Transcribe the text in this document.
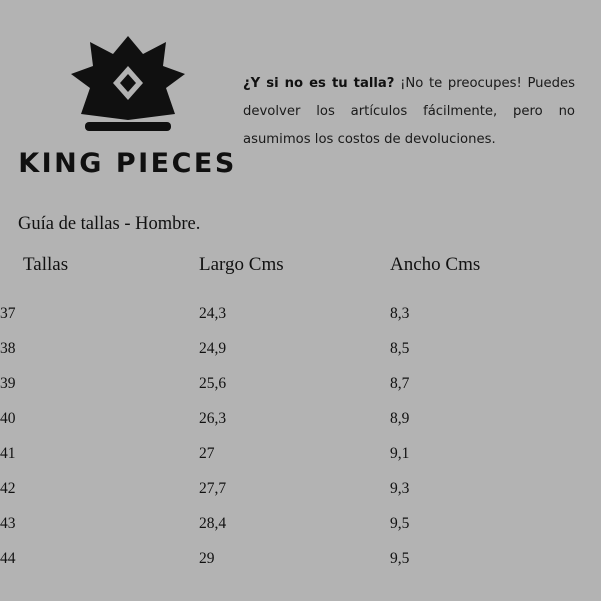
KING PIECES
¿Y si no es tu talla? ¡No te preocupes! Puedes devolver los artículos fácilmente, pero no asumimos los costos de devoluciones.
Guía de tallas - Hombre.
Tallas	Largo Cms	Ancho Cms
37	24,3	8,3
38	24,9	8,5
39	25,6	8,7
40	26,3	8,9
41	27	9,1
42	27,7	9,3
43	28,4	9,5
44	29	9,5
